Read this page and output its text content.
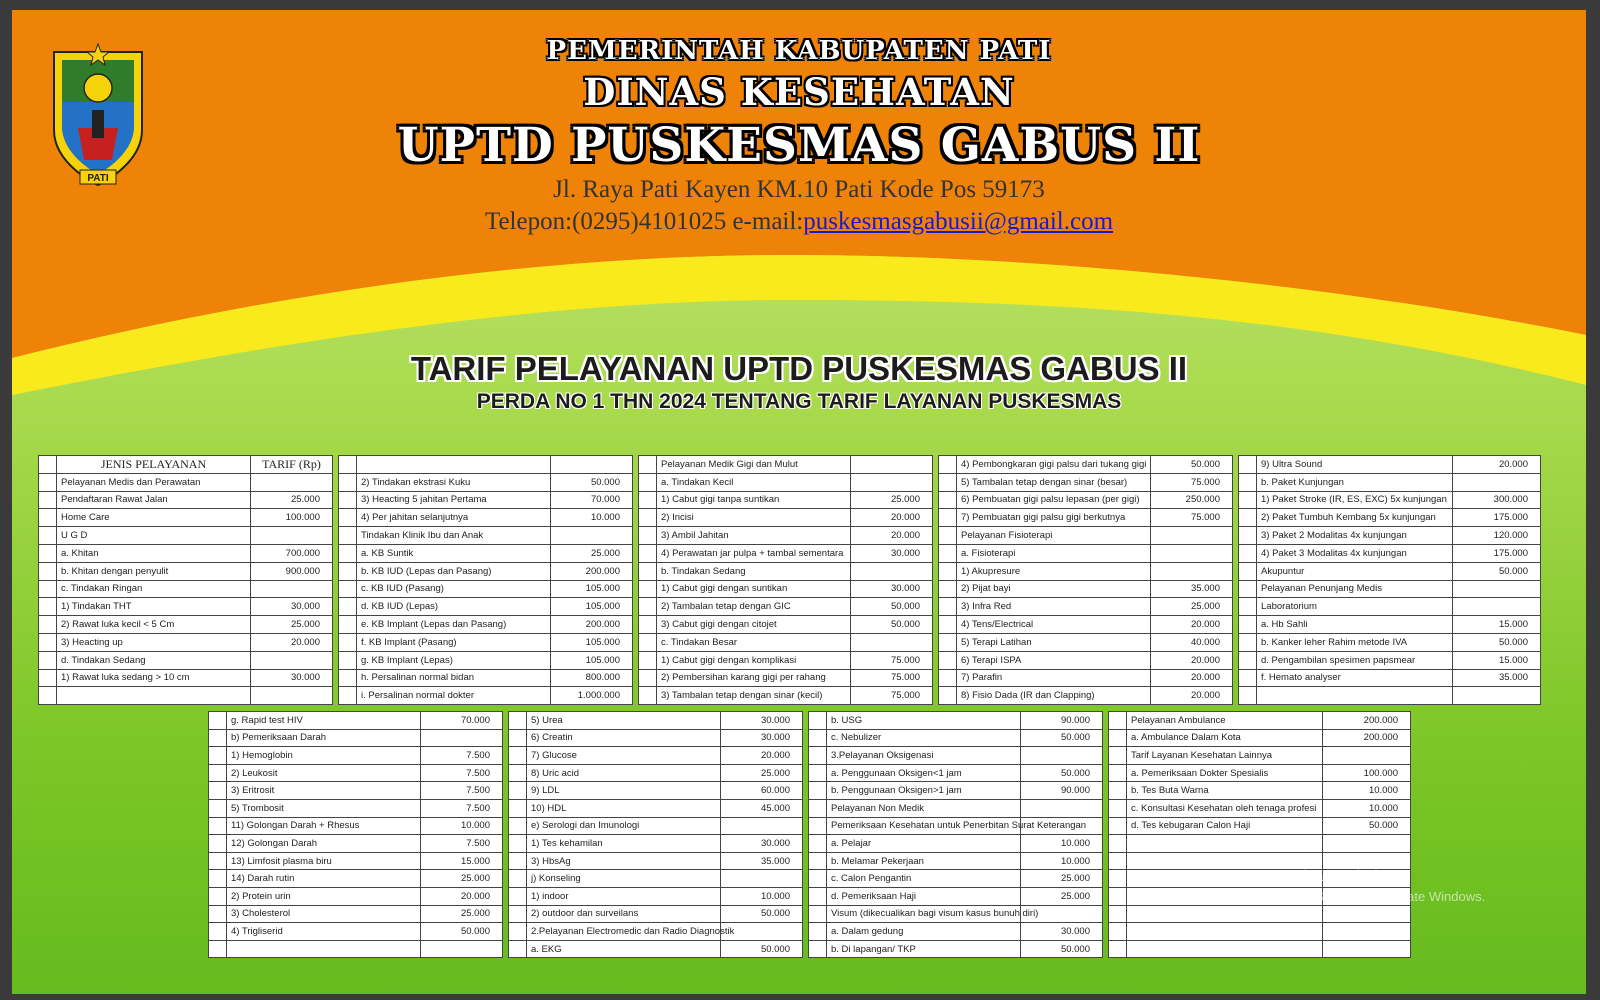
PATI
PEMERINTAH KABUPATEN PATI
DINAS KESEHATAN
UPTD PUSKESMAS GABUS II
Jl. Raya Pati Kayen KM.10 Pati Kode Pos 59173
Telepon:(0295)4101025 e-mail:puskesmasgabusii@gmail.com
TARIF PELAYANAN UPTD PUSKESMAS GABUS II
PERDA NO 1 THN 2024 TENTANG TARIF LAYANAN PUSKESMAS
	JENIS PELAYANAN	TARIF (Rp)
	Pelayanan Medis dan Perawatan	
	Pendaftaran Rawat Jalan	25.000
	Home Care	100.000
	U G D	
	a. Khitan	700.000
	b. Khitan dengan penyulit	900.000
	c. Tindakan Ringan	
	1) Tindakan THT	30.000
	2) Rawat luka kecil < 5 Cm	25.000
	3) Heacting up	20.000
	d. Tindakan Sedang	
	1) Rawat luka sedang > 10 cm	30.000

	2) Tindakan ekstrasi Kuku	50.000
	3) Heacting 5 jahitan Pertama	70.000
	4) Per jahitan selanjutnya	10.000
	Tindakan Klinik Ibu dan Anak	
	a. KB Suntik	25.000
	b. KB IUD (Lepas dan Pasang)	200.000
	c. KB IUD (Pasang)	105.000
	d. KB IUD (Lepas)	105.000
	e. KB Implant (Lepas dan Pasang)	200.000
	f. KB Implant (Pasang)	105.000
	g. KB Implant (Lepas)	105.000
	h. Persalinan normal bidan	800.000
	i. Persalinan normal dokter	1.000.000
	Pelayanan Medik Gigi dan Mulut	
	a. Tindakan Kecil	
	1) Cabut gigi tanpa suntikan	25.000
	2) Incisi	20.000
	3) Ambil Jahitan	20.000
	4) Perawatan jar pulpa + tambal sementara	30.000
	b. Tindakan Sedang	
	1) Cabut gigi dengan suntikan	30.000
	2) Tambalan tetap dengan GIC	50.000
	3) Cabut gigi dengan citojet	50.000
	c. Tindakan Besar	
	1) Cabut gigi dengan komplikasi	75.000
	2) Pembersihan karang gigi per rahang	75.000
	3) Tambalan tetap dengan sinar (kecil)	75.000
	4) Pembongkaran gigi palsu dari tukang gigi	50.000
	5) Tambalan tetap dengan sinar (besar)	75.000
	6) Pembuatan gigi palsu lepasan (per gigi)	250.000
	7) Pembuatan gigi palsu gigi berkutnya	75.000
	Pelayanan Fisioterapi	
	a. Fisioterapi	
	1) Akupresure	
	2) Pijat bayi	35.000
	3) Infra Red	25.000
	4) Tens/Electrical	20.000
	5) Terapi Latihan	40.000
	6) Terapi ISPA	20.000
	7) Parafin	20.000
	8) Fisio Dada (IR dan Clapping)	20.000
	9) Ultra Sound	20.000
	b. Paket Kunjungan	
	1) Paket Stroke (IR, ES, EXC) 5x kunjungan	300.000
	2) Paket Tumbuh Kembang 5x kunjungan	175.000
	3) Paket 2 Modalitas 4x kunjungan	120.000
	4) Paket 3 Modalitas 4x kunjungan	175.000
	Akupuntur	50.000
	Pelayanan Penunjang Medis	
	Laboratorium	
	a. Hb Sahli	15.000
	b. Kanker leher Rahim metode IVA	50.000
	d. Pengambilan spesimen papsmear	15.000
	f. Hemato analyser	35.000

	g. Rapid test HIV	70.000
	b) Pemeriksaan Darah	
	1) Hemoglobin	7.500
	2) Leukosit	7.500
	3) Eritrosit	7.500
	5) Trombosit	7.500
	11) Golongan Darah + Rhesus	10.000
	12) Golongan Darah	7.500
	13) Limfosit plasma biru	15.000
	14) Darah rutin	25.000
	2) Protein urin	20.000
	3) Cholesterol	25.000
	4) Trigliserid	50.000

	5) Urea	30.000
	6) Creatin	30.000
	7) Glucose	20.000
	8) Uric acid	25.000
	9) LDL	60.000
	10) HDL	45.000
	e) Serologi dan Imunologi	
	1) Tes kehamilan	30.000
	3) HbsAg	35.000
	j) Konseling	
	1) indoor	10.000
	2) outdoor dan surveilans	50.000
	2.Pelayanan Electromedic dan Radio Diagnostik	
	a. EKG	50.000
	b. USG	90.000
	c. Nebulizer	50.000
	3.Pelayanan Oksigenasi	
	a. Penggunaan Oksigen<1 jam	50.000
	b. Penggunaan Oksigen>1 jam	90.000
	Pelayanan Non Medik	
	Pemeriksaan Kesehatan untuk Penerbitan Surat Keterangan	
	a. Pelajar	10.000
	b. Melamar Pekerjaan	10.000
	c. Calon Pengantin	25.000
	d. Pemeriksaan Haji	25.000
	Visum (dikecualikan bagi visum kasus bunuh diri)	
	a. Dalam gedung	30.000
	b. Di lapangan/ TKP	50.000
	Pelayanan Ambulance	200.000
	a. Ambulance Dalam Kota	200.000
	Tarif Layanan Kesehatan Lainnya	
	a. Pemeriksaan Dokter Spesialis	100.000
	b. Tes Buta Warna	10.000
	c. Konsultasi Kesehatan oleh tenaga profesi	10.000
	d. Tes kebugaran Calon Haji	50.000

Activate Windows
Go to Settings to activate Windows.
